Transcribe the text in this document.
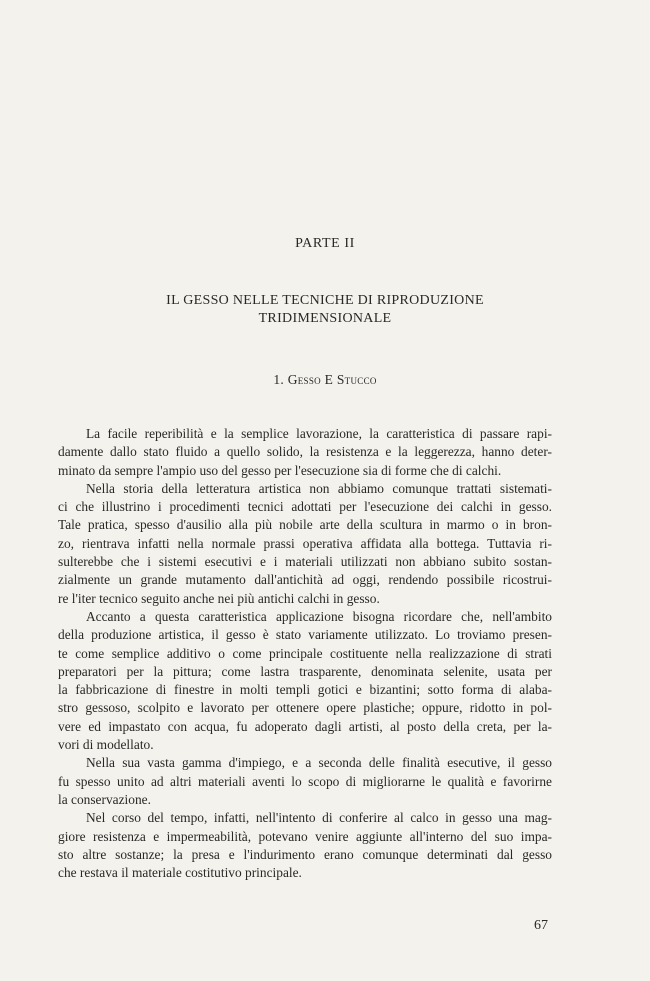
PARTE II
IL GESSO NELLE TECNICHE DI RIPRODUZIONE
TRIDIMENSIONALE
1. Gesso E Stucco

La facile reperibilità e la semplice lavorazione, la caratteristica di passare rapi-
damente dallo stato fluido a quello solido, la resistenza e la leggerezza, hanno deter-
minato da sempre l'ampio uso del gesso per l'esecuzione sia di forme che di calchi.

Nella storia della letteratura artistica non abbiamo comunque trattati sistemati-
ci che illustrino i procedimenti tecnici adottati per l'esecuzione dei calchi in gesso.
Tale pratica, spesso d'ausilio alla più nobile arte della scultura in marmo o in bron-
zo, rientrava infatti nella normale prassi operativa affidata alla bottega. Tuttavia ri-
sulterebbe che i sistemi esecutivi e i materiali utilizzati non abbiano subito sostan-
zialmente un grande mutamento dall'antichità ad oggi, rendendo possibile ricostrui-
re l'iter tecnico seguito anche nei più antichi calchi in gesso.

Accanto a questa caratteristica applicazione bisogna ricordare che, nell'ambito
della produzione artistica, il gesso è stato variamente utilizzato. Lo troviamo presen-
te come semplice additivo o come principale costituente nella realizzazione di strati
preparatori per la pittura; come lastra trasparente, denominata selenite, usata per
la fabbricazione di finestre in molti templi gotici e bizantini; sotto forma di alaba-
stro gessoso, scolpito e lavorato per ottenere opere plastiche; oppure, ridotto in pol-
vere ed impastato con acqua, fu adoperato dagli artisti, al posto della creta, per la-
vori di modellato.

Nella sua vasta gamma d'impiego, e a seconda delle finalità esecutive, il gesso
fu spesso unito ad altri materiali aventi lo scopo di migliorarne le qualità e favorirne
la conservazione.

Nel corso del tempo, infatti, nell'intento di conferire al calco in gesso una mag-
giore resistenza e impermeabilità, potevano venire aggiunte all'interno del suo impa-
sto altre sostanze; la presa e l'indurimento erano comunque determinati dal gesso
che restava il materiale costitutivo principale.

67
